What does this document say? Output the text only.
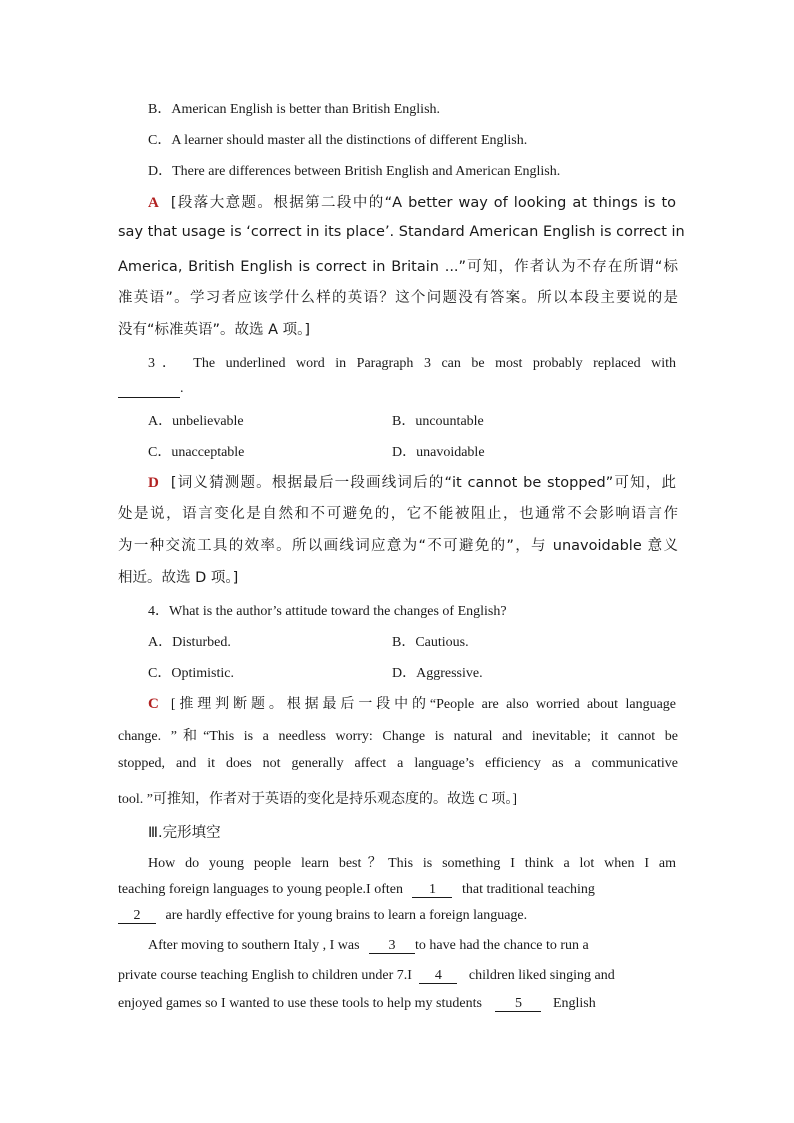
B．American English is better than British English.
C．A learner should master all the distinctions of different English.
D．There are differences between British English and American English.
A [段落大意题。根据第二段中的“A better way of looking at things is to
say that usage is ‘correct in its place’. Standard American English is correct in
America, British English is correct in Britain ...”可知，作者认为不存在所谓“标
准英语”。学习者应该学什么样的英语？这个问题没有答案。所以本段主要说的是
没有“标准英语”。故选 A 项。]
3． The underlined word in Paragraph 3 can be most probably replaced with
.
A．unbelievable	B．uncountable
C．unacceptable	D．unavoidable
D [词义猜测题。根据最后一段画线词后的“it cannot be stopped”可知，此
处是说，语言变化是自然和不可避免的，它不能被阻止，也通常不会影响语言作
为一种交流工具的效率。所以画线词应意为“不可避免的”，与 unavoidable 意义
相近。故选 D 项。]
4．What is the author’s attitude toward the changes of English?
A．Disturbed.	B．Cautious.
C．Optimistic.	D．Aggressive.
C [推理判断题。根据最后一段中的“People are also worried about language
change. ”和“This is a needless worry: Change is natural and inevitable; it cannot be
stopped, and it does not generally affect a language’s efficiency as a communicative
tool. ”可推知，作者对于英语的变化是持乐观态度的。故选 C 项。]
Ⅲ.完形填空
How do young people learn best？This is something I think a lot when I am
teaching foreign languages to young people.I often 1 that traditional teaching
2 are hardly effective for young brains to learn a foreign language.
After moving to southern Italy , I was 3 to have had the chance to run a
private course teaching English to children under 7.I 4 children liked singing and
enjoyed games so I wanted to use these tools to help my students 5 English
